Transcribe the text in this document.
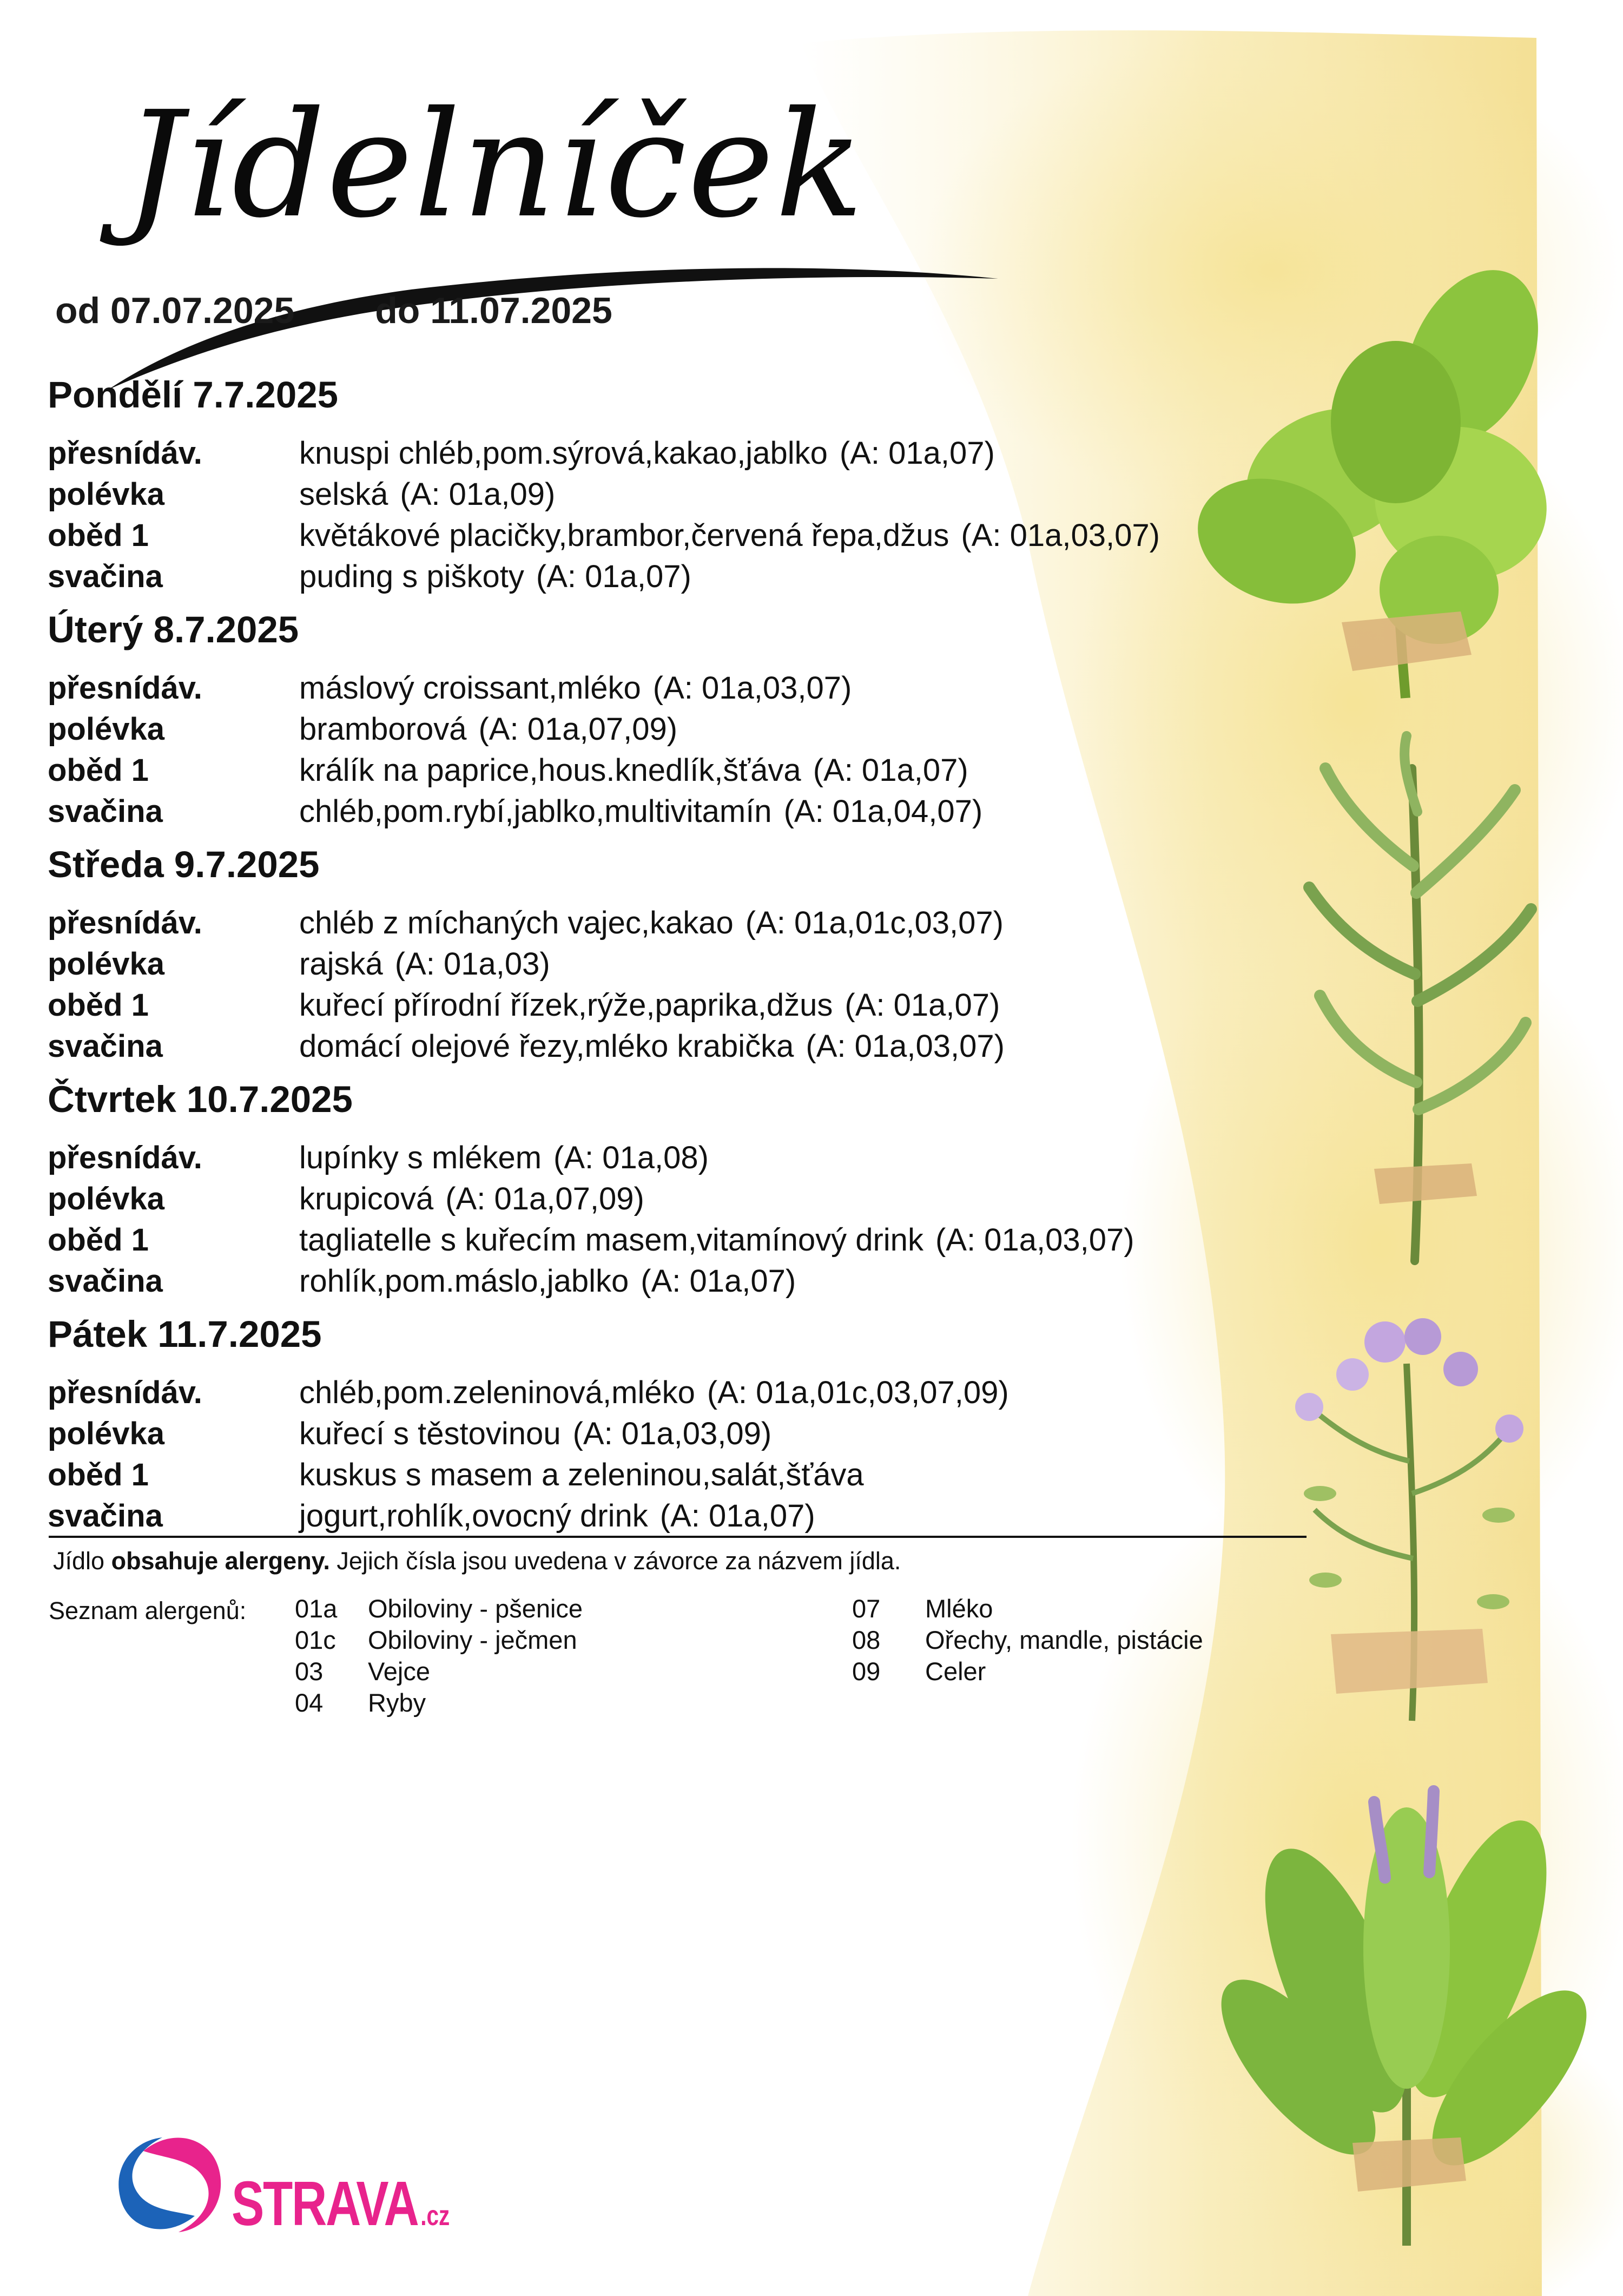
Jídelníček
od 07.07.2025 do 11.07.2025
Pondělí 7.7.2025
přesnídáv.	knuspi chléb,pom.sýrová,kakao,jablko (A: 01a,07)
polévka	selská (A: 01a,09)
oběd 1	květákové placičky,brambor,červená řepa,džus (A: 01a,03,07)
svačina	puding s piškoty (A: 01a,07)
Úterý 8.7.2025
přesnídáv.	máslový croissant,mléko (A: 01a,03,07)
polévka	bramborová (A: 01a,07,09)
oběd 1	králík na paprice,hous.knedlík,šťáva (A: 01a,07)
svačina	chléb,pom.rybí,jablko,multivitamín (A: 01a,04,07)
Středa 9.7.2025
přesnídáv.	chléb z míchaných vajec,kakao (A: 01a,01c,03,07)
polévka	rajská (A: 01a,03)
oběd 1	kuřecí přírodní řízek,rýže,paprika,džus (A: 01a,07)
svačina	domácí olejové řezy,mléko krabička (A: 01a,03,07)
Čtvrtek 10.7.2025
přesnídáv.	lupínky s mlékem (A: 01a,08)
polévka	krupicová (A: 01a,07,09)
oběd 1	tagliatelle s kuřecím masem,vitamínový drink (A: 01a,03,07)
svačina	rohlík,pom.máslo,jablko (A: 01a,07)
Pátek 11.7.2025
přesnídáv.	chléb,pom.zeleninová,mléko (A: 01a,01c,03,07,09)
polévka	kuřecí s těstovinou (A: 01a,03,09)
oběd 1	kuskus s masem a zeleninou,salát,šťáva
svačina	jogurt,rohlík,ovocný drink (A: 01a,07)
Jídlo obsahuje alergeny. Jejich čísla jsou uvedena v závorce za názvem jídla.
Seznam alergenů: 01a Obiloviny - pšenice
01c Obiloviny - ječmen
03 Vejce
04 Ryby
07 Mléko
08 Ořechy, mandle, pistácie
09 Celer
STRAVA.cz
